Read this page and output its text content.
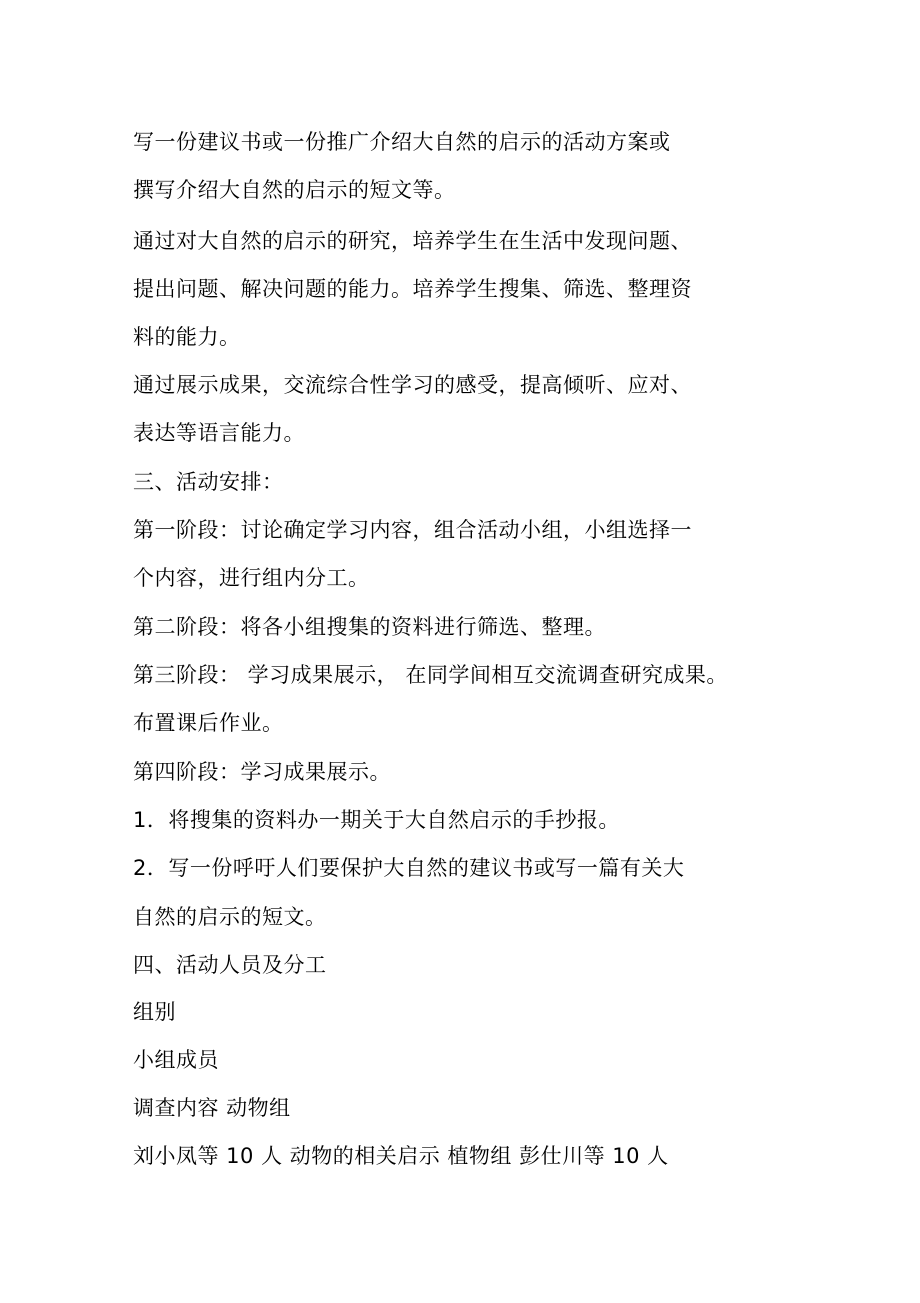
写一份建议书或一份推广介绍大自然的启示的活动方案或
撰写介绍大自然的启示的短文等。
通过对大自然的启示的研究，培养学生在生活中发现问题、
提出问题、解决问题的能力。培养学生搜集、筛选、整理资
料的能力。
通过展示成果，交流综合性学习的感受，提高倾听、应对、
表达等语言能力。
三、活动安排：
第一阶段：讨论确定学习内容，组合活动小组，小组选择一
个内容，进行组内分工。
第二阶段：将各小组搜集的资料进行筛选、整理。
第三阶段： 学习成果展示， 在同学间相互交流调查研究成果。
布置课后作业。
第四阶段：学习成果展示。
1．将搜集的资料办一期关于大自然启示的手抄报。
2．写一份呼吁人们要保护大自然的建议书或写一篇有关大
自然的启示的短文。
四、活动人员及分工
组别
小组成员
调查内容 动物组
刘小凤等 10 人 动物的相关启示 植物组 彭仕川等 10 人
